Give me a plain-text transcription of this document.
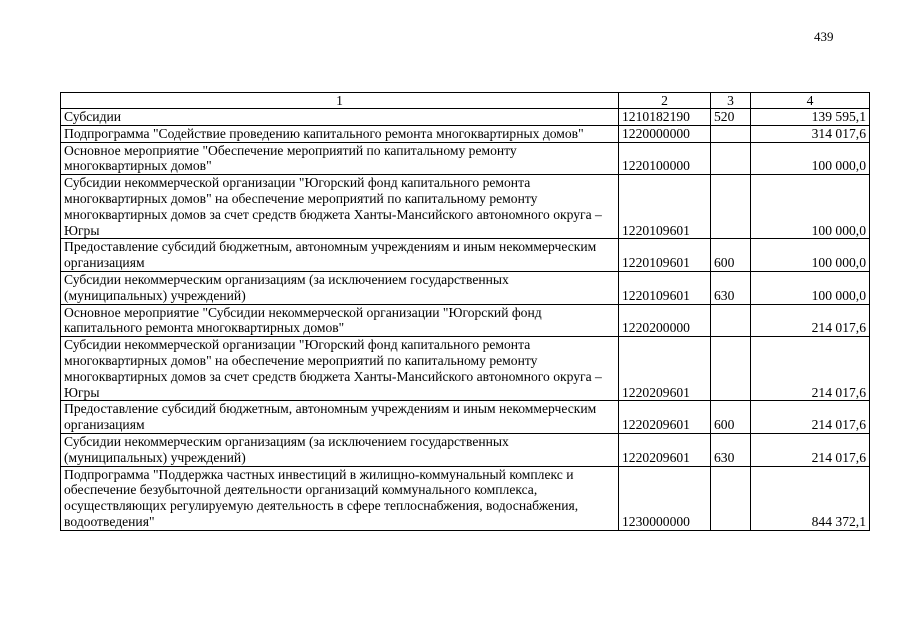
439
1	2	3	4
Субсидии	1210182190	520	139 595,1
Подпрограмма "Содействие проведению капитального ремонта многоквартирных домов"	1220000000		314 017,6
Основное мероприятие "Обеспечение мероприятий по капитальному ремонту многоквартирных домов"	1220100000		100 000,0
Субсидии некоммерческой организации "Югорский фонд капитального ремонта многоквартирных домов" на обеспечение мероприятий по капитальному ремонту многоквартирных домов за счет средств бюджета Ханты-Мансийского автономного округа – Югры	1220109601		100 000,0
Предоставление субсидий бюджетным, автономным учреждениям и иным некоммерческим организациям	1220109601	600	100 000,0
Субсидии некоммерческим организациям (за исключением государственных (муниципальных) учреждений)	1220109601	630	100 000,0
Основное мероприятие "Субсидии некоммерческой организации "Югорский фонд капитального ремонта многоквартирных домов"	1220200000		214 017,6
Субсидии некоммерческой организации "Югорский фонд капитального ремонта многоквартирных домов" на обеспечение мероприятий по капитальному ремонту многоквартирных домов за счет средств бюджета Ханты-Мансийского автономного округа – Югры	1220209601		214 017,6
Предоставление субсидий бюджетным, автономным учреждениям и иным некоммерческим организациям	1220209601	600	214 017,6
Субсидии некоммерческим организациям (за исключением государственных (муниципальных) учреждений)	1220209601	630	214 017,6
Подпрограмма "Поддержка частных инвестиций в жилищно-коммунальный комплекс и обеспечение безубыточной деятельности организаций коммунального комплекса, осуществляющих регулируемую деятельность в сфере теплоснабжения, водоснабжения, водоотведения"	1230000000		844 372,1
